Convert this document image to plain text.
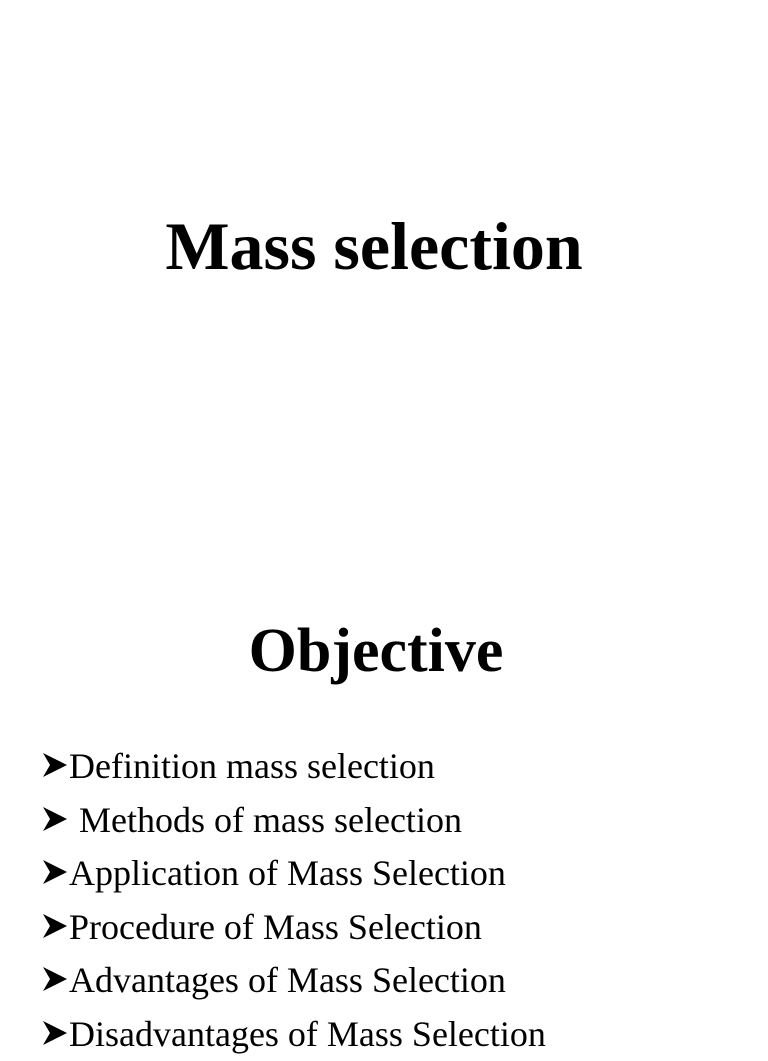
Mass selection
Objective
Definition mass selection
Methods of mass selection
Application of Mass Selection
Procedure of Mass Selection
Advantages of Mass Selection
Disadvantages of Mass Selection
